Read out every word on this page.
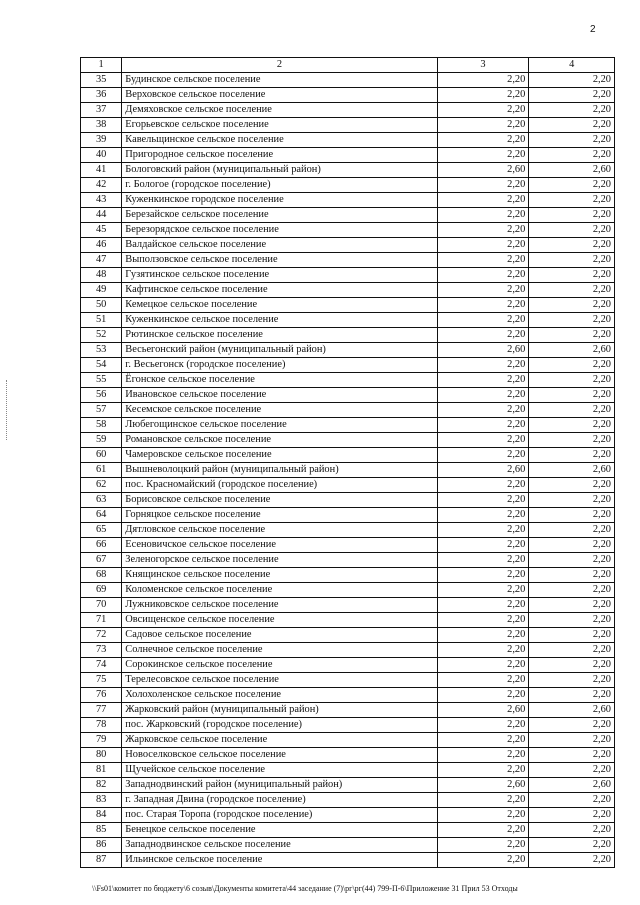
2
1	2	3	4
35	Будинское сельское поселение	2,20	2,20
36	Верховское сельское поселение	2,20	2,20
37	Демяховское сельское поселение	2,20	2,20
38	Егорьевское сельское поселение	2,20	2,20
39	Кавельщинское сельское поселение	2,20	2,20
40	Пригородное сельское поселение	2,20	2,20
41	Бологовский район (муниципальный район)	2,60	2,60
42	г. Бологое (городское поселение)	2,20	2,20
43	Куженкинское городское поселение	2,20	2,20
44	Березайское сельское поселение	2,20	2,20
45	Березорядское сельское поселение	2,20	2,20
46	Валдайское сельское поселение	2,20	2,20
47	Выползовское сельское поселение	2,20	2,20
48	Гузятинское сельское поселение	2,20	2,20
49	Кафтинское сельское поселение	2,20	2,20
50	Кемецкое сельское поселение	2,20	2,20
51	Куженкинское сельское поселение	2,20	2,20
52	Рютинское сельское поселение	2,20	2,20
53	Весьегонский район (муниципальный район)	2,60	2,60
54	г. Весьегонск (городское поселение)	2,20	2,20
55	Ёгонское сельское поселение	2,20	2,20
56	Ивановское сельское поселение	2,20	2,20
57	Кесемское сельское поселение	2,20	2,20
58	Любегощинское сельское поселение	2,20	2,20
59	Романовское сельское поселение	2,20	2,20
60	Чамеровское сельское поселение	2,20	2,20
61	Вышневолоцкий район (муниципальный район)	2,60	2,60
62	пос. Красномайский (городское поселение)	2,20	2,20
63	Борисовское сельское поселение	2,20	2,20
64	Горняцкое сельское поселение	2,20	2,20
65	Дятловское сельское поселение	2,20	2,20
66	Есеновичское сельское поселение	2,20	2,20
67	Зеленогорское сельское поселение	2,20	2,20
68	Княщинское сельское поселение	2,20	2,20
69	Коломенское сельское поселение	2,20	2,20
70	Лужниковское сельское поселение	2,20	2,20
71	Овсищенское сельское поселение	2,20	2,20
72	Садовое сельское поселение	2,20	2,20
73	Солнечное сельское поселение	2,20	2,20
74	Сорокинское сельское поселение	2,20	2,20
75	Терелесовское сельское поселение	2,20	2,20
76	Холохоленское сельское поселение	2,20	2,20
77	Жарковский район (муниципальный район)	2,60	2,60
78	пос. Жарковский (городское поселение)	2,20	2,20
79	Жарковское сельское поселение	2,20	2,20
80	Новоселковское сельское поселение	2,20	2,20
81	Щучейское сельское поселение	2,20	2,20
82	Западнодвинский район (муниципальный район)	2,60	2,60
83	г. Западная Двина (городское поселение)	2,20	2,20
84	пос. Старая Торопа (городское поселение)	2,20	2,20
85	Бенецкое сельское поселение	2,20	2,20
86	Западнодвинское сельское поселение	2,20	2,20
87	Ильинское сельское поселение	2,20	2,20
\\Fs01\комитет по бюджету\6 созыв\Документы комитета\44 заседание (7)\рг\рг(44) 799-П-6\Приложение 31 Прил 53 Отходы
